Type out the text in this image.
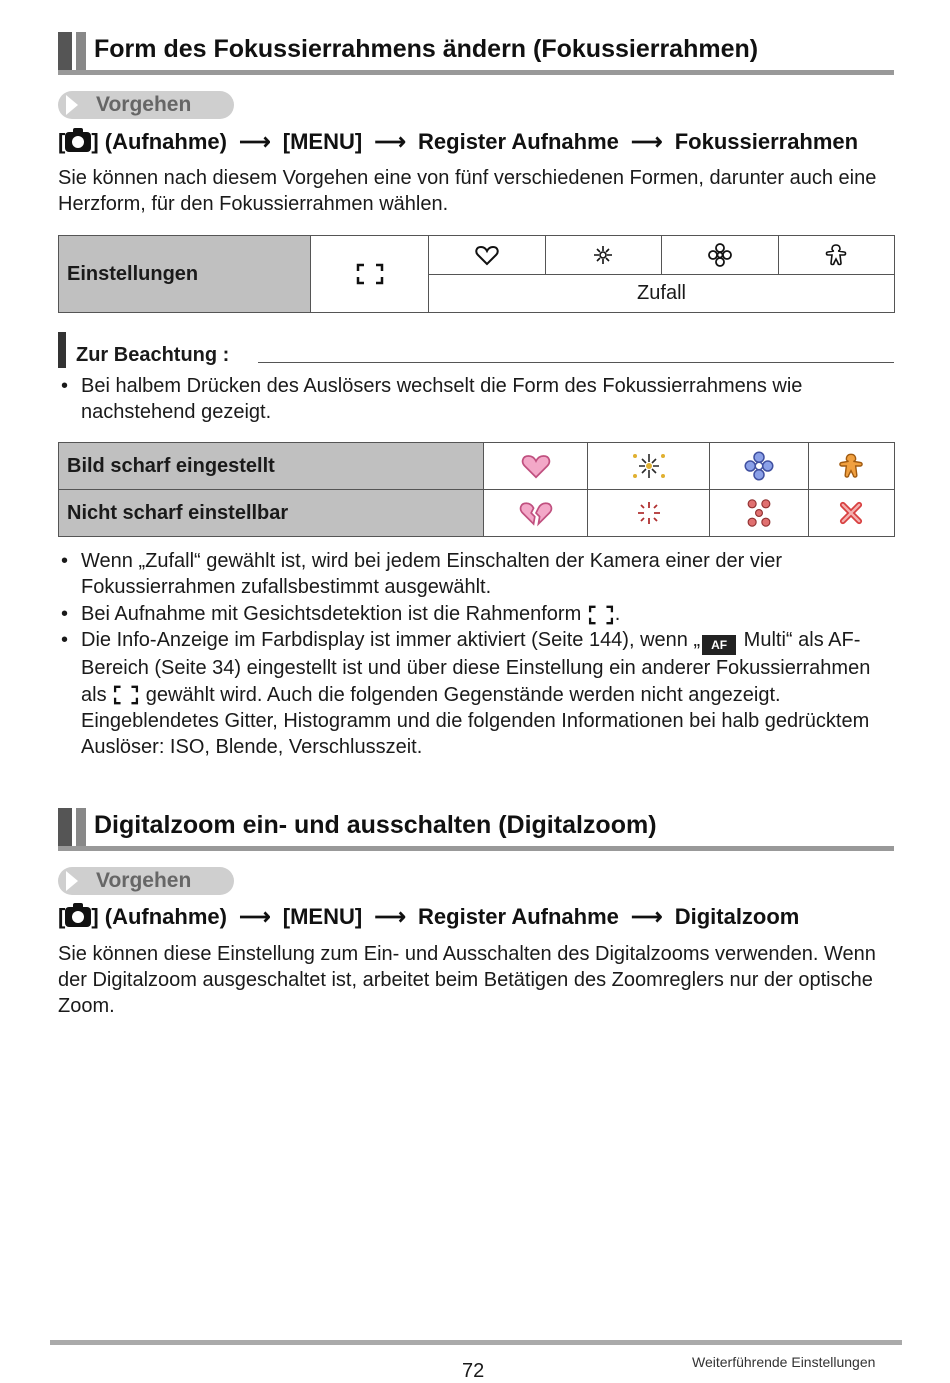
Form des Fokussierrahmens ändern (Fokussierrahmen)
Vorgehen
[ ] (Aufnahme) ⟶ [MENU] ⟶ Register Aufnahme ⟶ Fokussierrahmen
Sie können nach diesem Vorgehen eine von fünf verschiedenen Formen, darunter auch eine Herzform, für den Fokussierrahmen wählen.
Einstellungen					
Zufall
Zur Beachtung :
• Bei halbem Drücken des Auslösers wechselt die Form des Fokussierrahmens wie nachstehend gezeigt.
Bild scharf eingestellt				
Nicht scharf einstellbar				
• Wenn „Zufall“ gewählt ist, wird bei jedem Einschalten der Kamera einer der vier Fokussierrahmen zufallsbestimmt ausgewählt.
• Bei Aufnahme mit Gesichtsdetektion ist die Rahmenform .
• Die Info-Anzeige im Farbdisplay ist immer aktiviert (Seite 144), wenn „ AF Multi“ als AF-Bereich (Seite 34) eingestellt ist und über diese Einstellung ein anderer Fokussierrahmen als gewählt wird. Auch die folgenden Gegenstände werden nicht angezeigt.
Eingeblendetes Gitter, Histogramm und die folgenden Informationen bei halb gedrücktem Auslöser: ISO, Blende, Verschlusszeit.
Digitalzoom ein- und ausschalten (Digitalzoom)
Vorgehen
[ ] (Aufnahme) ⟶ [MENU] ⟶ Register Aufnahme ⟶ Digitalzoom
Sie können diese Einstellung zum Ein- und Ausschalten des Digitalzooms verwenden. Wenn der Digitalzoom ausgeschaltet ist, arbeitet beim Betätigen des Zoomreglers nur der optische Zoom.
72	Weiterführende Einstellungen
